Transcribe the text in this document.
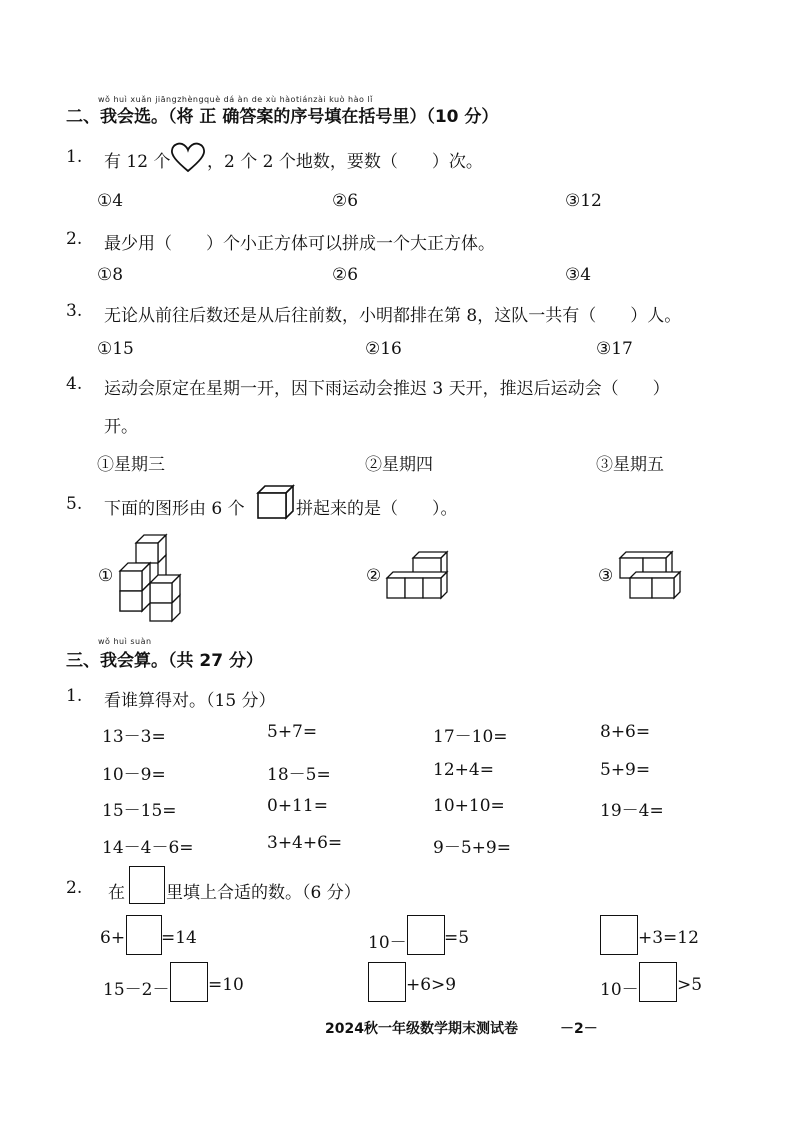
wǒ huì xuǎn jiāngzhèngquè dá àn de xù hàotiánzài kuò hào lǐ
二、我会选。（将 正 确答案的序号填在括号里）（10 分）
1. 有 12 个 ，2 个 2 个地数，要数（　　）次。
①4	②6	③12
2. 最少用（　　）个小正方体可以拼成一个大正方体。
①8	②6	③4
3. 无论从前往后数还是从后往前数，小明都排在第 8，这队一共有（　　）人。
①15	②16	③17
4. 运动会原定在星期一开，因下雨运动会推迟 3 天开，推迟后运动会（　　）
开。
①星期三	②星期四	③星期五
5. 下面的图形由 6 个	拼起来的是（　　）。
①	②	③
wǒ huì suàn
三、我会算。（共 27 分）
1. 看谁算得对。（15 分）
13－3=	5+7=	17－10=	8+6=
10－9=	18－5=	12+4=	5+9=
15－15=	0+11=	10+10=	19－4=
14－4－6=	3+4+6=	9－5+9=
2. 在 里填上合适的数。（6 分）
6+ =14	10－ =5	+3=12
15－2－ =10	+6>9	10－ >5
2024秋一年级数学期末测试卷	－2－
